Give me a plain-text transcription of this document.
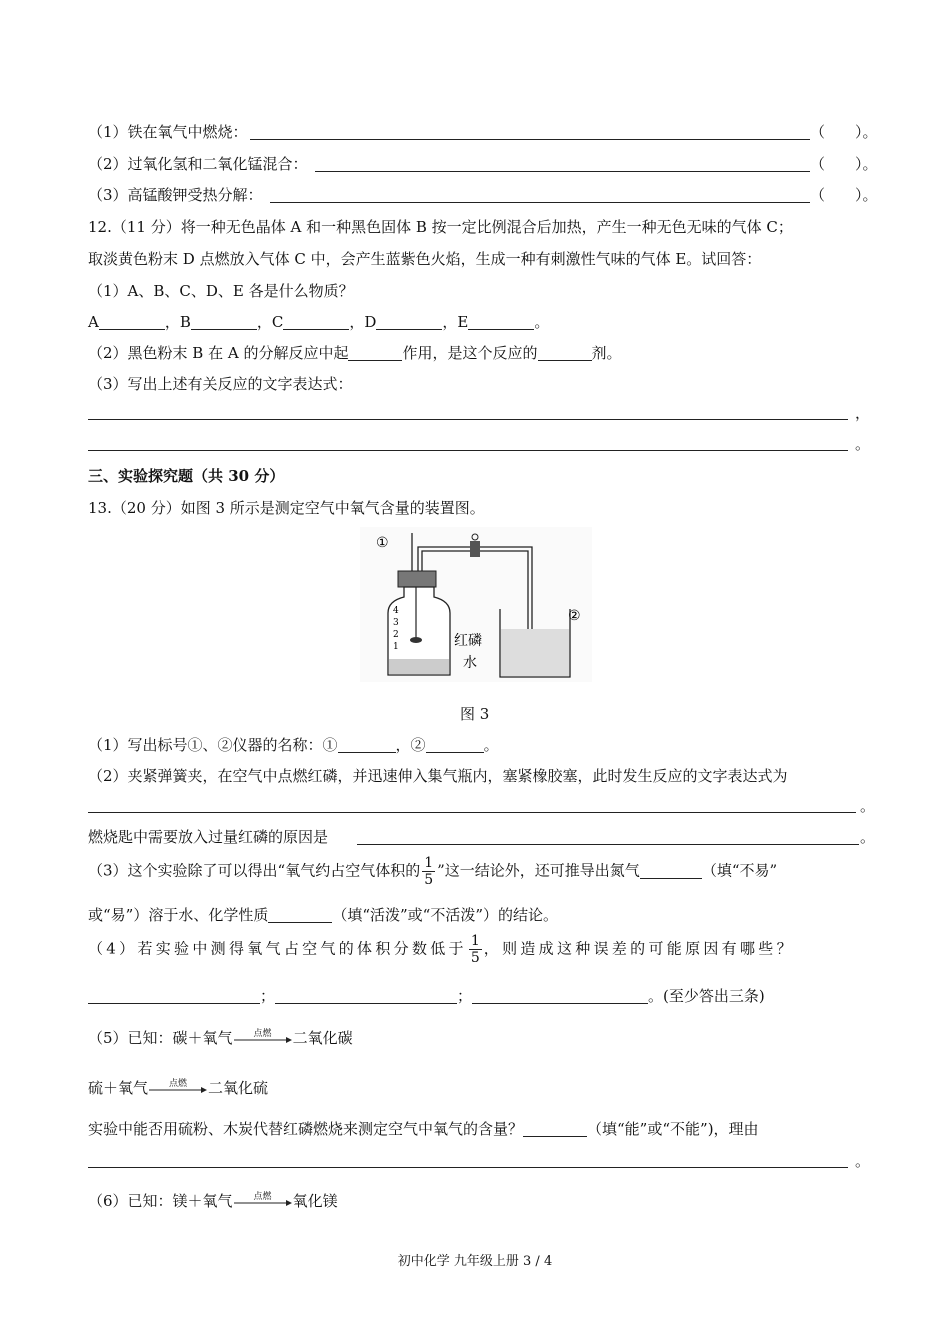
（1）铁在氧气中燃烧：	（　　）。
（2）过氧化氢和二氧化锰混合：	（　　）。
（3）高锰酸钾受热分解：	（　　）。
12.（11 分）将一种无色晶体 A 和一种黑色固体 B 按一定比例混合后加热，产生一种无色无味的气体 C；
取淡黄色粉末 D 点燃放入气体 C 中，会产生蓝紫色火焰，生成一种有刺激性气味的气体 E。试回答：
（1）A、B、C、D、E 各是什么物质？
A	，B	，C	，D	，E	。
（2）黑色粉末 B 在 A 的分解反应中起	作用，是这个反应的	剂。
（3）写出上述有关反应的文字表达式：
，
。
三、实验探究题（共 30 分）
13.（20 分）如图 3 所示是测定空气中氧气含量的装置图。
①
②
红磷
水
4
3
2
1
图 3
（1）写出标号①、②仪器的名称：①	，②	。
（2）夹紧弹簧夹，在空气中点燃红磷，并迅速伸入集气瓶内，塞紧橡胶塞，此时发生反应的文字表达式为
。
燃烧匙中需要放入过量红磷的原因是	。
（3）这个实验除了可以得出“氧气约占空气体积的 $\frac{1}{5}$ ”这一结论外，还可推导出氮气	（填“不易”
或“易”）溶于水、化学性质	（填“活泼”或“不活泼”）的结论。
（4）若实验中测得氧气占空气的体积分数低于 $\frac{1}{5}$ ，则造成这种误差的可能原因有哪些？
；	；	。(至少答出三条)
（5）已知：碳＋氧气	点燃	二氧化碳
硫＋氧气	点燃	二氧化硫
实验中能否用硫粉、木炭代替红磷燃烧来测定空气中氧气的含量？	（填“能”或“不能”)，理由
。
（6）已知：镁＋氧气	点燃	氧化镁
初中化学 九年级上册 3 / 4
